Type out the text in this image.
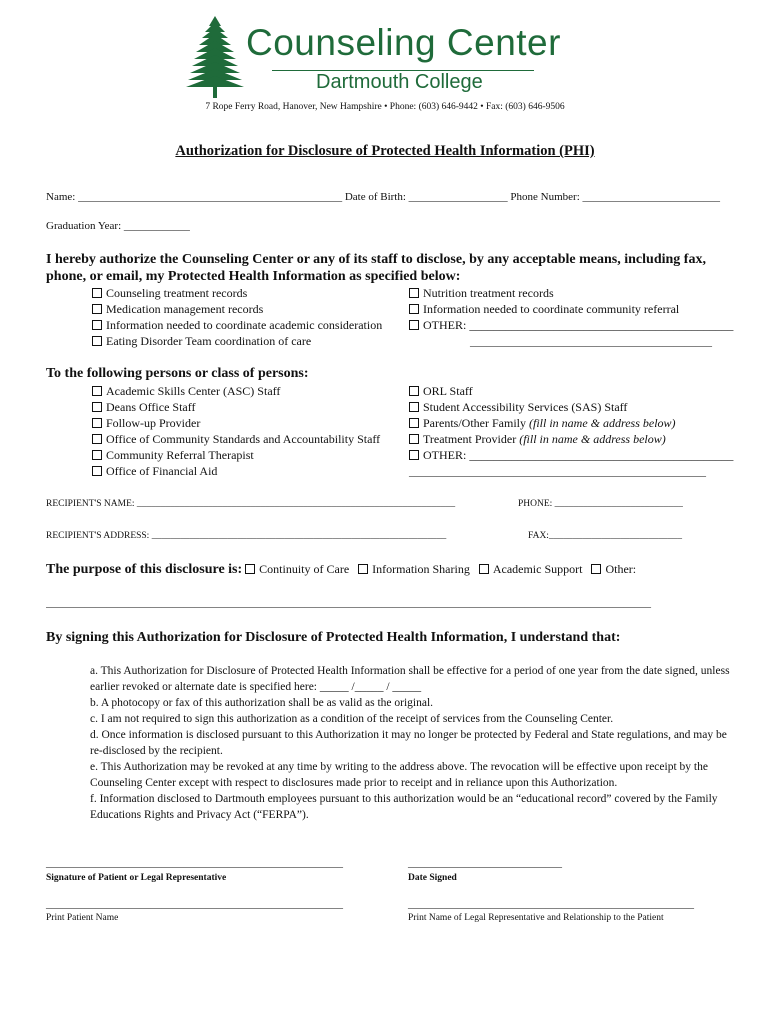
Counseling Center
Dartmouth College
7 Rope Ferry Road, Hanover, New Hampshire • Phone: (603) 646-9442 • Fax: (603) 646-9506
Authorization for Disclosure of Protected Health Information (PHI)
Name: ________________________________________________ Date of Birth: __________________ Phone Number: _________________________
Graduation Year: ____________
I hereby authorize the Counseling Center or any of its staff to disclose, by any acceptable means, including fax, phone, or email, my Protected Health Information as specified below:
Counseling treatment records
Medication management records
Information needed to coordinate academic consideration
Eating Disorder Team coordination of care
Nutrition treatment records
Information needed to coordinate community referral
OTHER: ____________________________________________
____________________________________________
To the following persons or class of persons:
Academic Skills Center (ASC) Staff
Deans Office Staff
Follow-up Provider
Office of Community Standards and Accountability Staff
Community Referral Therapist
Office of Financial Aid
ORL Staff
Student Accessibility Services (SAS) Staff
Parents/Other Family (fill in name & address below)
Treatment Provider (fill in name & address below)
OTHER: ____________________________________________
______________________________________________________
RECIPIENT'S NAME: ___________________________________________________________________	PHONE: ___________________________
RECIPIENT'S ADDRESS: ______________________________________________________________	FAX:____________________________
The purpose of this disclosure is: Continuity of Care Information Sharing Academic Support Other:
______________________________________________________________________________________________________________
By signing this Authorization for Disclosure of Protected Health Information, I understand that:
a. This Authorization for Disclosure of Protected Health Information shall be effective for a period of one year from the date signed, unless earlier revoked or alternate date is specified here: _____ /_____ / _____
b. A photocopy or fax of this authorization shall be as valid as the original.
c. I am not required to sign this authorization as a condition of the receipt of services from the Counseling Center.
d. Once information is disclosed pursuant to this Authorization it may no longer be protected by Federal and State regulations, and may be re-disclosed by the recipient.
e. This Authorization may be revoked at any time by writing to the address above. The revocation will be effective upon receipt by the Counseling Center except with respect to disclosures made prior to receipt and in reliance upon this Authorization.
f. Information disclosed to Dartmouth employees pursuant to this authorization would be an “educational record” covered by the Family Educations Rights and Privacy Act (“FERPA”).
______________________________________________________	____________________________
Signature of Patient or Legal Representative	Date Signed
______________________________________________________	____________________________________________________
Print Patient Name	Print Name of Legal Representative and Relationship to the Patient
